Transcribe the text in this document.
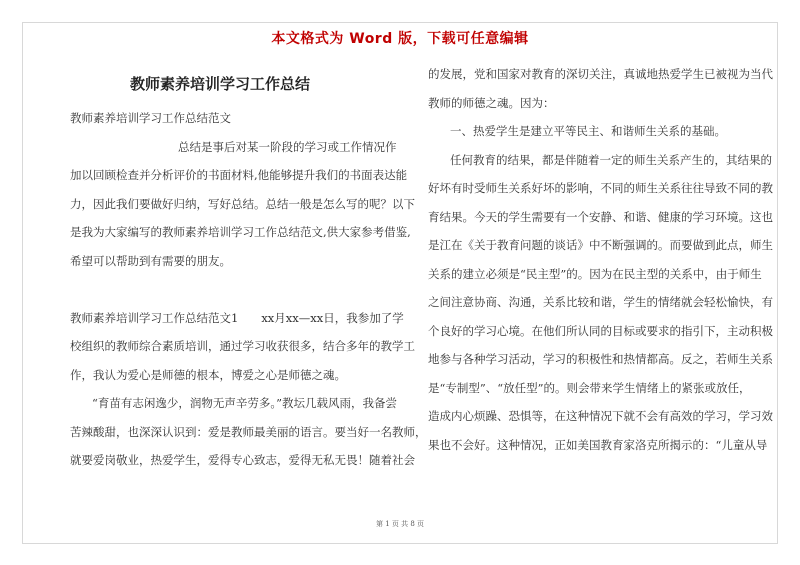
本文格式为 Word 版，下载可任意编辑
教师素养培训学习工作总结
教师素养培训学习工作总结范文
总结是事后对某一阶段的学习或工作情况作
加以回顾检查并分析评价的书面材料,他能够提升我们的书面表达能
力，因此我们要做好归纳，写好总结。总结一般是怎么写的呢？以下
是我为大家编写的教师素养培训学习工作总结范文,供大家参考借鉴,
希望可以帮助到有需要的朋友。
教师素养培训学习工作总结范文1　　xx月xx—xx日，我参加了学
校组织的教师综合素质培训，通过学习收获很多，结合多年的教学工
作，我认为爱心是师德的根本，博爱之心是师德之魂。
“育苗有志闲逸少，润物无声辛劳多。”教坛几载风雨，我备尝
苦辣酸甜，也深深认识到：爱是教师最美丽的语言。要当好一名教师，
就要爱岗敬业，热爱学生，爱得专心致志，爱得无私无畏！随着社会
的发展，党和国家对教育的深切关注，真诚地热爱学生已被视为当代
教师的师德之魂。因为：
一、热爱学生是建立平等民主、和谐师生关系的基础。
任何教育的结果，都是伴随着一定的师生关系产生的，其结果的
好坏有时受师生关系好坏的影响，不同的师生关系往往导致不同的教
育结果。今天的学生需要有一个安静、和谐、健康的学习环境。这也
是江在《关于教育问题的谈话》中不断强调的。而要做到此点，师生
关系的建立必须是“民主型”的。因为在民主型的关系中，由于师生
之间注意协商、沟通，关系比较和谐，学生的情绪就会轻松愉快，有
个良好的学习心境。在他们所认同的目标或要求的指引下，主动积极
地参与各种学习活动，学习的积极性和热情都高。反之，若师生关系
是“专制型”、“放任型”的。则会带来学生情绪上的紧张或放任，
造成内心烦躁、恐惧等，在这种情况下就不会有高效的学习，学习效
果也不会好。这种情况，正如美国教育家洛克所揭示的：“儿童从导
第 1 页 共 8 页
